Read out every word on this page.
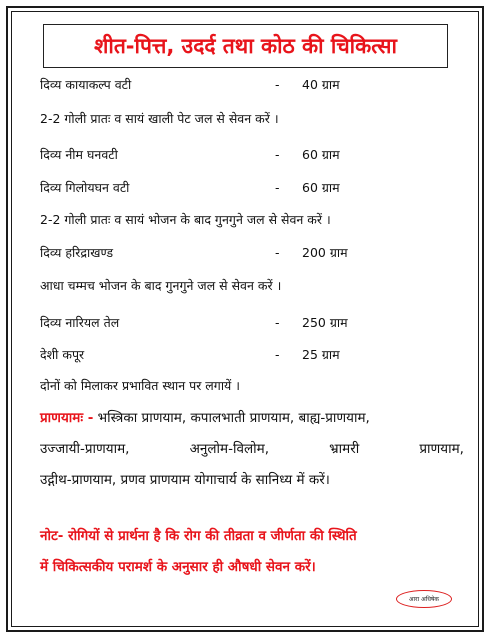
शीत-पित्त, उदर्द तथा कोठ की चिकित्सा
दिव्य कायाकल्प वटी	- 40 ग्राम
2-2 गोली प्रातः व सायं खाली पेट जल से सेवन करें ।
दिव्य नीम घनवटी	- 60 ग्राम
दिव्य गिलोयघन वटी	- 60 ग्राम
2-2 गोली प्रातः व सायं भोजन के बाद गुनगुने जल से सेवन करें ।
दिव्य हरिद्राखण्ड	- 200 ग्राम
आधा चम्मच भोजन के बाद गुनगुने जल से सेवन करें ।
दिव्य नारियल तेल	- 250 ग्राम
देशी कपूर	- 25 ग्राम
दोनों को मिलाकर प्रभावित स्थान पर लगायें ।
प्राणयामः - भस्त्रिका प्राणयाम, कपालभाती प्राणयाम, बाह्य-प्राणयाम,
उज्जायी-प्राणयाम,	अनुलोम-विलोम,	भ्रामरी	प्राणयाम,
उद्गीथ-प्राणयाम, प्रणव प्राणयाम योगाचार्य के सानिध्य में करें।
नोट- रोगियों से प्रार्थना है कि रोग की तीव्रता व जीर्णता की स्थिति
में चिकित्सकीय परामर्श के अनुसार ही औषधी सेवन करें।
आरा अधिषेक
